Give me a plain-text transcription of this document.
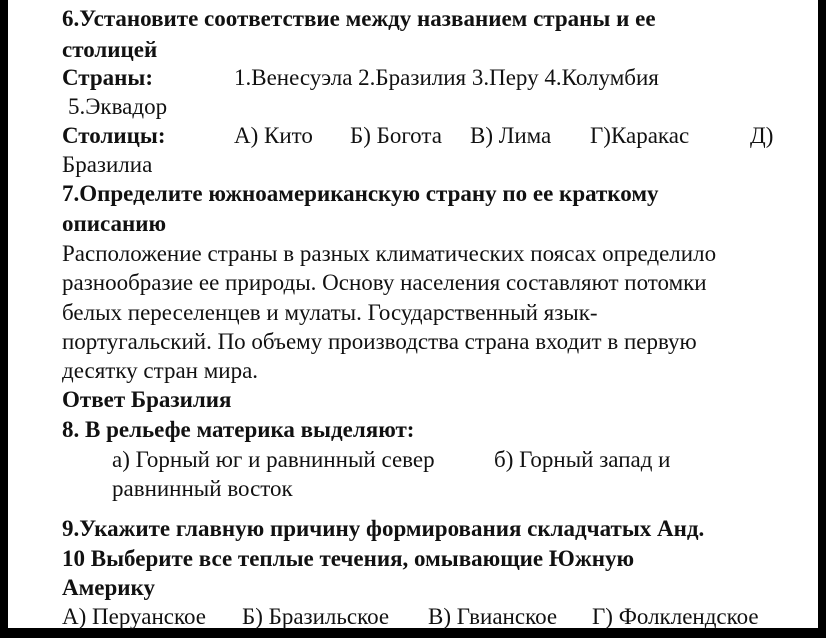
6.Установите соответствие между названием страны и ее
столицей
Страны:	1.Венесуэла 2.Бразилия 3.Перу 4.Колумбия
5.Эквадор
Столицы:	А) Кито Б) Богота В) Лима Г)Каракас	Д)
Бразилиа
7.Определите южноамериканскую страну по ее краткому
описанию
Расположение страны в разных климатических поясах определило
разнообразие ее природы. Основу населения составляют потомки
белых переселенцев и мулаты. Государственный язык-
португальский. По объему производства страна входит в первую
десятку стран мира.
Ответ Бразилия
8. В рельефе материка выделяют:
а) Горный юг и равнинный север	б) Горный запад и
равнинный восток
9.Укажите главную причину формирования складчатых Анд.
10 Выберите все теплые течения, омывающие Южную
Америку
А) Перуанское Б) Бразильское В) Гвианское Г) Фолклендское
